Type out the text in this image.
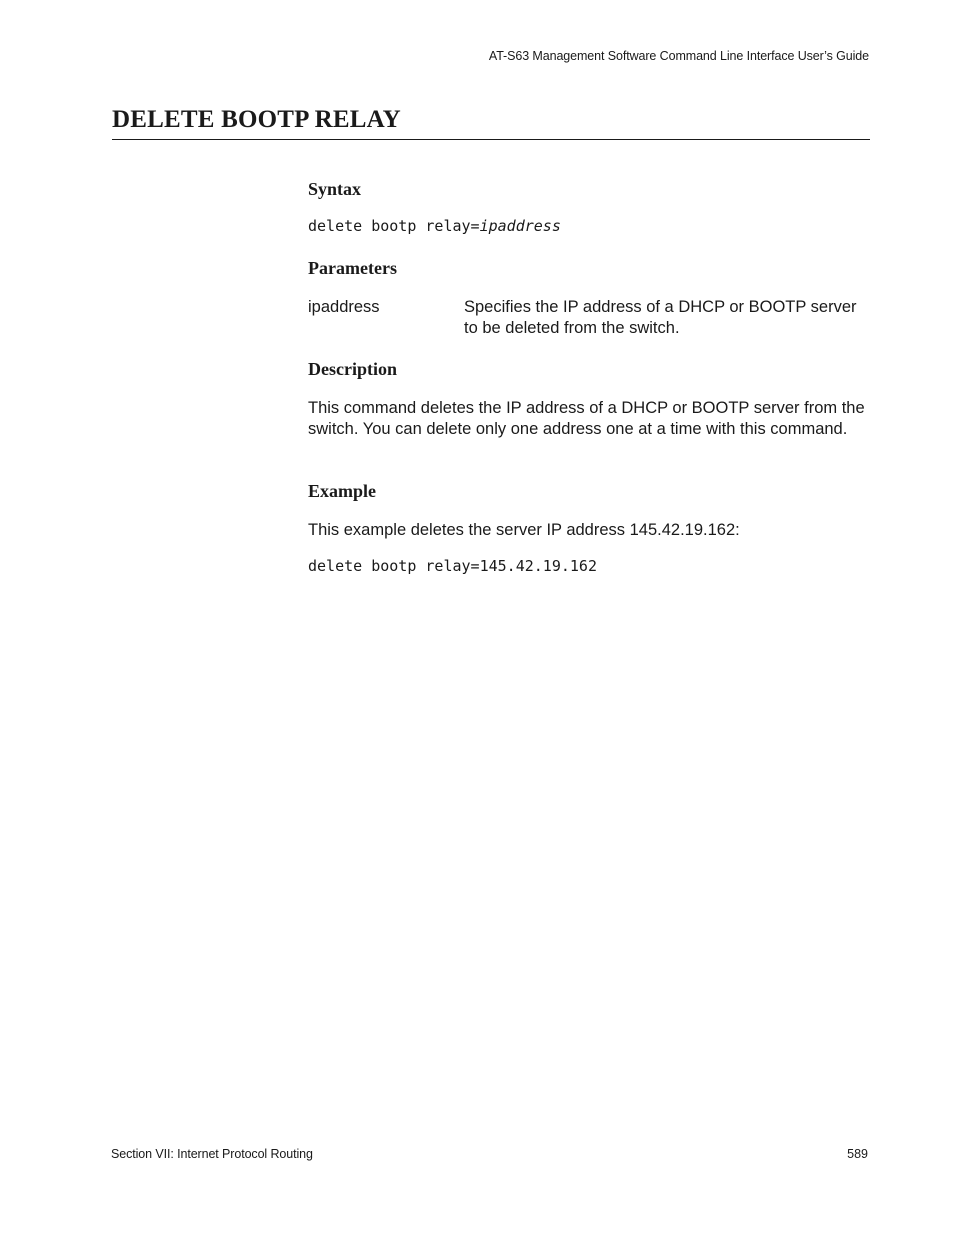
AT-S63 Management Software Command Line Interface User’s Guide
DELETE BOOTP RELAY
Syntax

delete bootp relay=ipaddress

Parameters
ipaddress	Specifies the IP address of a DHCP or BOOTP server to be deleted from the switch.
Description

This command deletes the IP address of a DHCP or BOOTP server from the switch. You can delete only one address one at a time with this command.

Example

This example deletes the server IP address 145.42.19.162:

delete bootp relay=145.42.19.162

Section VII: Internet Protocol Routing	589
